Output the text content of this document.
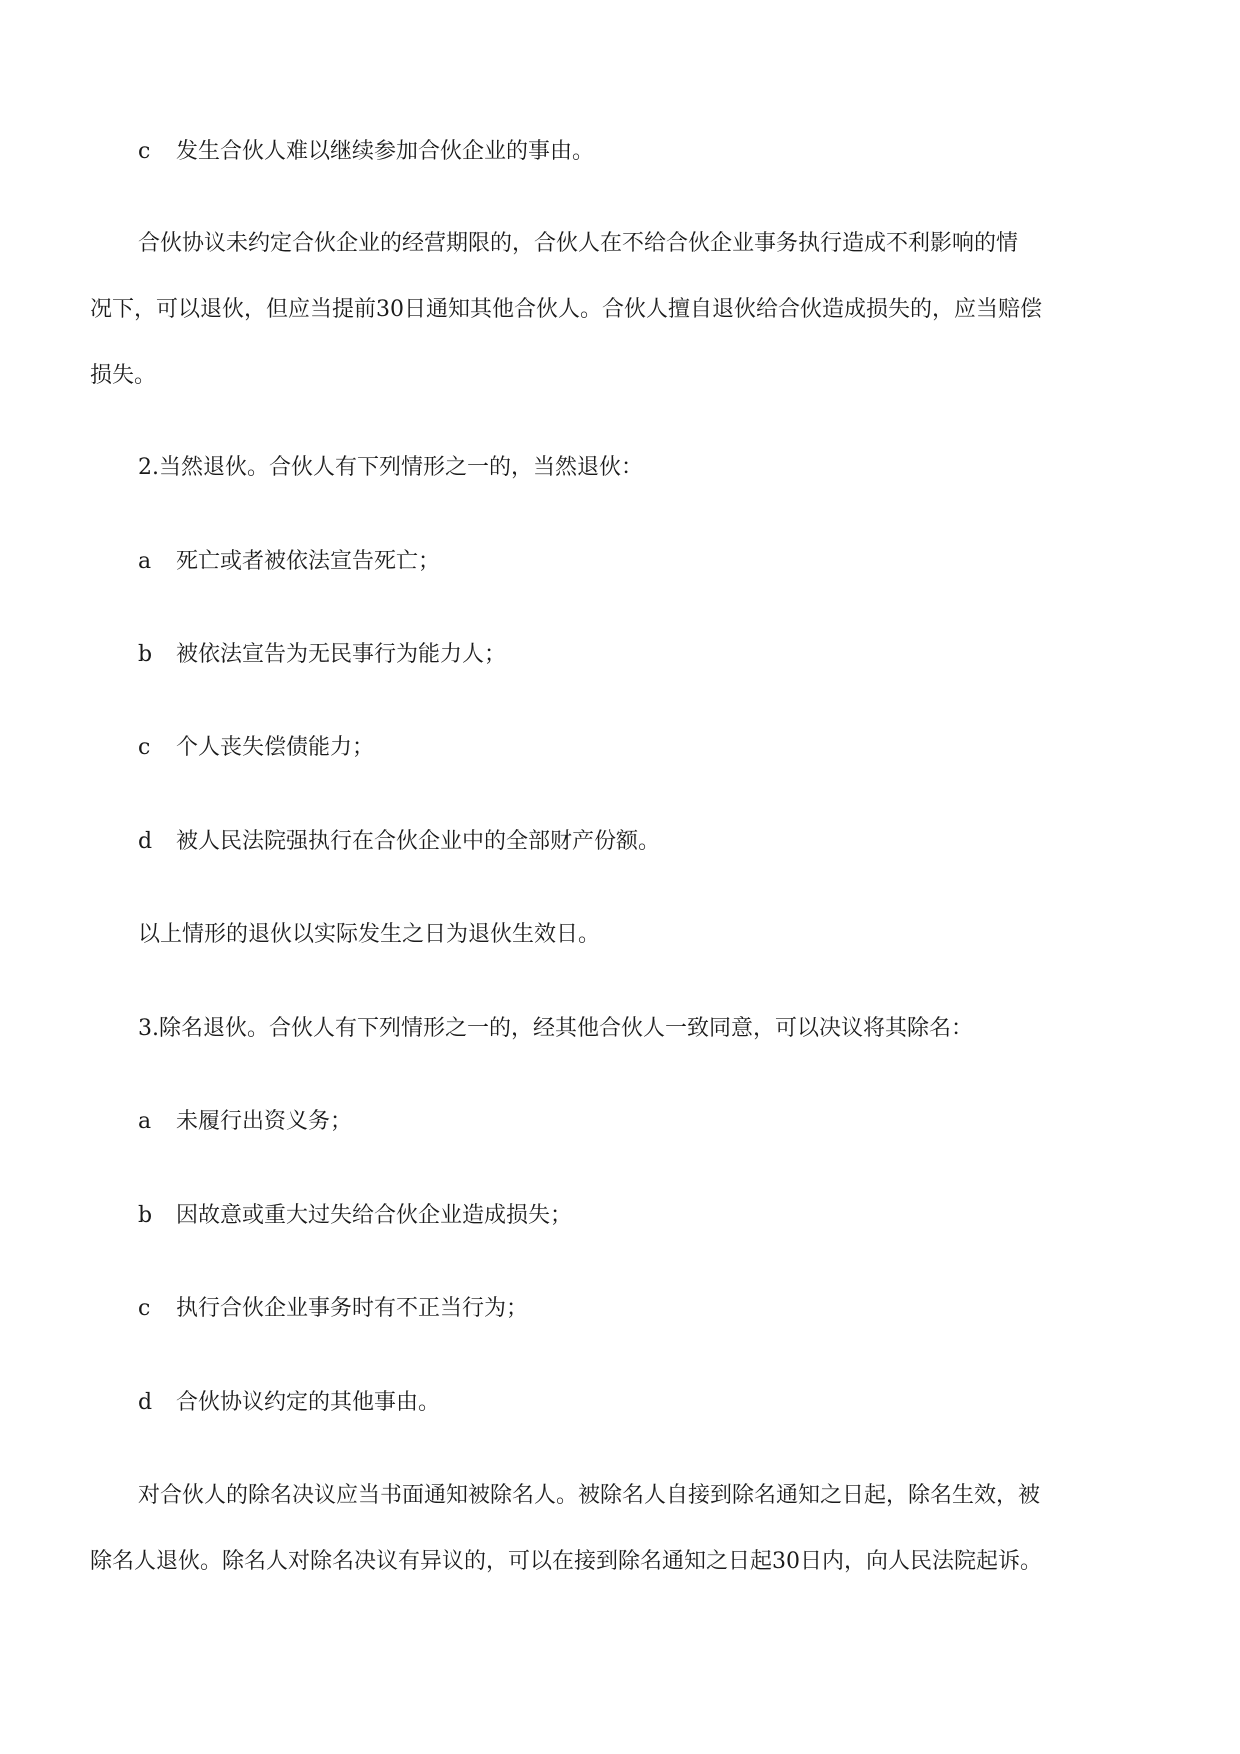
c 发生合伙人难以继续参加合伙企业的事由。
合伙协议未约定合伙企业的经营期限的，合伙人在不给合伙企业事务执行造成不利影响的情
况下，可以退伙，但应当提前30日通知其他合伙人。合伙人擅自退伙给合伙造成损失的，应当赔偿
损失。
2.当然退伙。合伙人有下列情形之一的，当然退伙：
a 死亡或者被依法宣告死亡；
b 被依法宣告为无民事行为能力人；
c 个人丧失偿债能力；
d 被人民法院强执行在合伙企业中的全部财产份额。
以上情形的退伙以实际发生之日为退伙生效日。
3.除名退伙。合伙人有下列情形之一的，经其他合伙人一致同意，可以决议将其除名：
a 未履行出资义务；
b 因故意或重大过失给合伙企业造成损失；
c 执行合伙企业事务时有不正当行为；
d 合伙协议约定的其他事由。
对合伙人的除名决议应当书面通知被除名人。被除名人自接到除名通知之日起，除名生效，被
除名人退伙。除名人对除名决议有异议的，可以在接到除名通知之日起30日内，向人民法院起诉。
